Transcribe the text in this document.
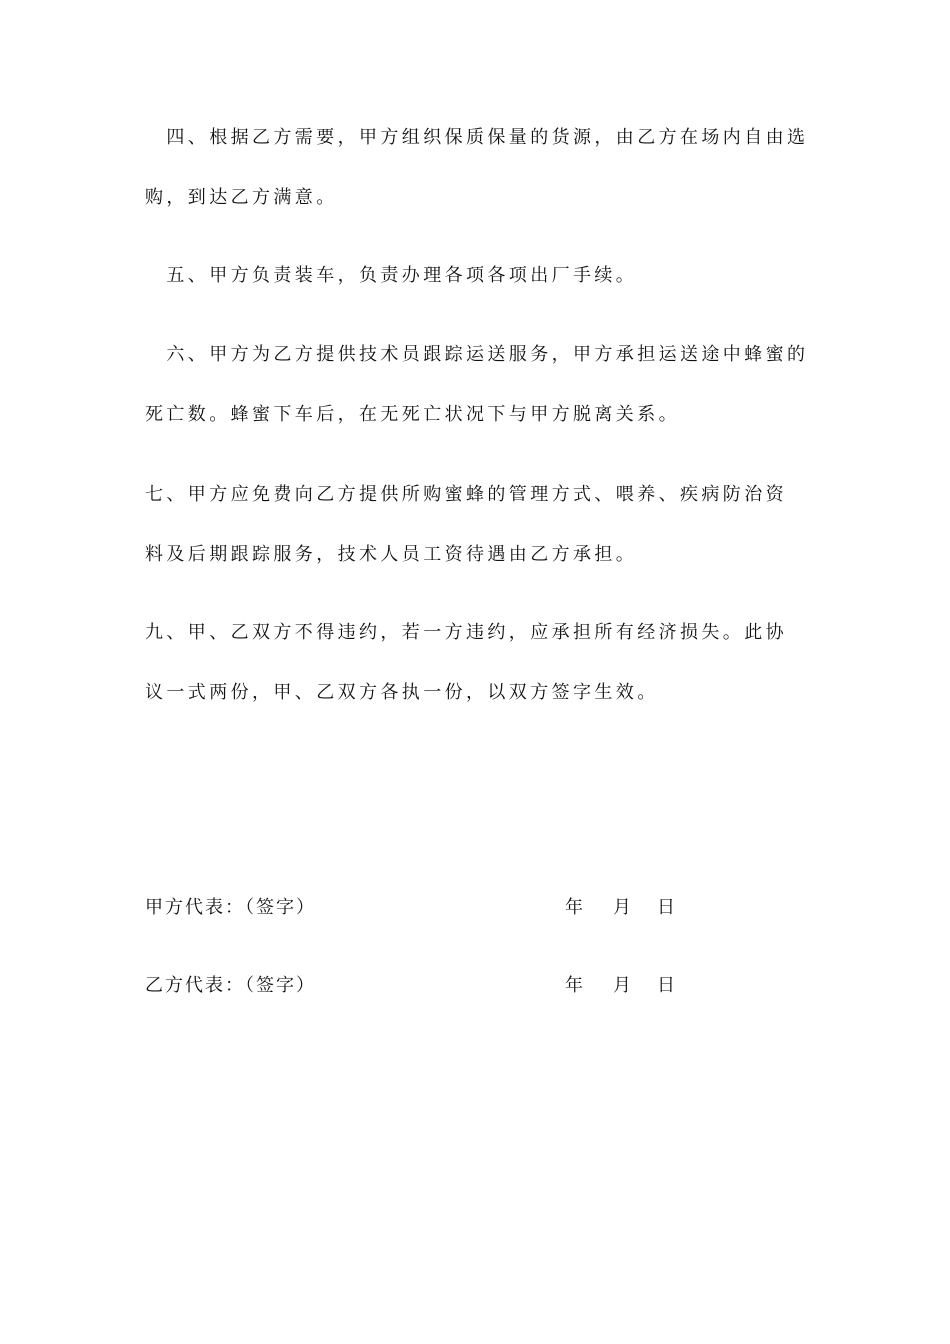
　四、根据乙方需要，甲方组织保质保量的货源，由乙方在场内自由选
购，到达乙方满意。
　五、甲方负责装车，负责办理各项各项出厂手续。
　六、甲方为乙方提供技术员跟踪运送服务，甲方承担运送途中蜂蜜的
死亡数。蜂蜜下车后，在无死亡状况下与甲方脱离关系。
七、甲方应免费向乙方提供所购蜜蜂的管理方式、喂养、疾病防治资
料及后期跟踪服务，技术人员工资待遇由乙方承担。
九、甲、乙双方不得违约，若一方违约，应承担所有经济损失。此协
议一式两份，甲、乙双方各执一份，以双方签字生效。
甲方代表：（签字）	年 月 日
乙方代表：（签字）	年 月 日
